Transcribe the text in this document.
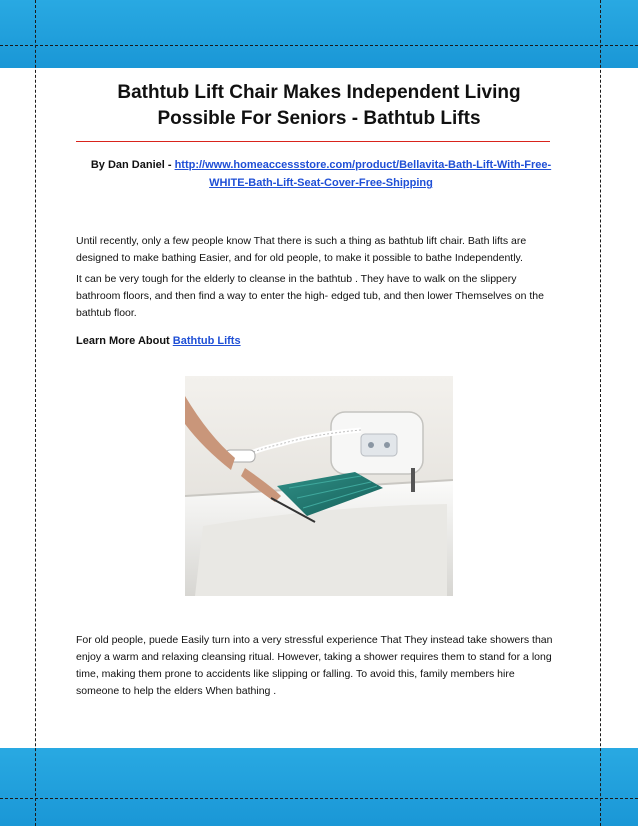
Bathtub Lift Chair Makes Independent Living Possible For Seniors - Bathtub Lifts
By Dan Daniel - http://www.homeaccessstore.com/product/Bellavita-Bath-Lift-With-Free-WHITE-Bath-Lift-Seat-Cover-Free-Shipping

Until recently, only a few people know That there is such a thing as bathtub lift chair. Bath lifts are designed to make bathing Easier, and for old people, to make it possible to bathe Independently.

It can be very tough for the elderly to cleanse in the bathtub . They have to walk on the slippery bathroom floors, and then find a way to enter the high- edged tub, and then lower Themselves on the bathtub floor.

Learn More About Bathtub Lifts

For old people, puede Easily turn into a very stressful experience That They instead take showers than enjoy a warm and relaxing cleansing ritual. However, taking a shower requires them to stand for a long time, making them prone to accidents like slipping or falling. To avoid this, family members hire someone to help the elders When bathing .
